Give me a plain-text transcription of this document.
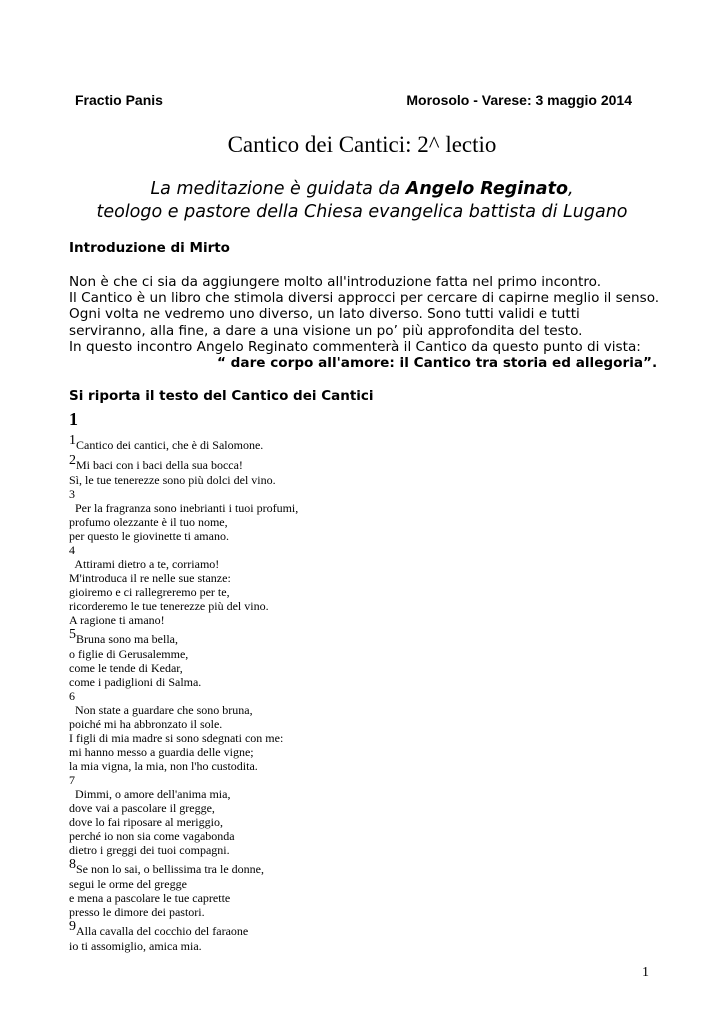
Fractio Panis	Morosolo - Varese: 3 maggio 2014
Cantico dei Cantici: 2^ lectio
La meditazione è guidata da Angelo Reginato,
teologo e pastore della Chiesa evangelica battista di Lugano
Introduzione di Mirto
Non è che ci sia da aggiungere molto all'introduzione fatta nel primo incontro.
Il Cantico è un libro che stimola diversi approcci per cercare di capirne meglio il senso.
Ogni volta ne vedremo uno diverso, un lato diverso. Sono tutti validi e tutti
serviranno, alla fine, a dare a una visione un po’ più approfondita del testo.
In questo incontro Angelo Reginato commenterà il Cantico da questo punto di vista:
“ dare corpo all'amore: il Cantico tra storia ed allegoria”.
Si riporta il testo del Cantico dei Cantici
1
$^1$Cantico dei cantici, che è di Salomone.
$^2$Mi baci con i baci della sua bocca!
Sì, le tue tenerezze sono più dolci del vino.
3
Per la fragranza sono inebrianti i tuoi profumi,
profumo olezzante è il tuo nome,
per questo le giovinette ti amano.
4
Attirami dietro a te, corriamo!
M'introduca il re nelle sue stanze:
gioiremo e ci rallegreremo per te,
ricorderemo le tue tenerezze più del vino.
A ragione ti amano!
$^5$Bruna sono ma bella,
o figlie di Gerusalemme,
come le tende di Kedar,
come i padiglioni di Salma.
6
Non state a guardare che sono bruna,
poiché mi ha abbronzato il sole.
I figli di mia madre si sono sdegnati con me:
mi hanno messo a guardia delle vigne;
la mia vigna, la mia, non l'ho custodita.
7
Dimmi, o amore dell'anima mia,
dove vai a pascolare il gregge,
dove lo fai riposare al meriggio,
perché io non sia come vagabonda
dietro i greggi dei tuoi compagni.
$^8$Se non lo sai, o bellissima tra le donne,
segui le orme del gregge
e mena a pascolare le tue caprette
presso le dimore dei pastori.
$^9$Alla cavalla del cocchio del faraone
io ti assomiglio, amica mia.
1
